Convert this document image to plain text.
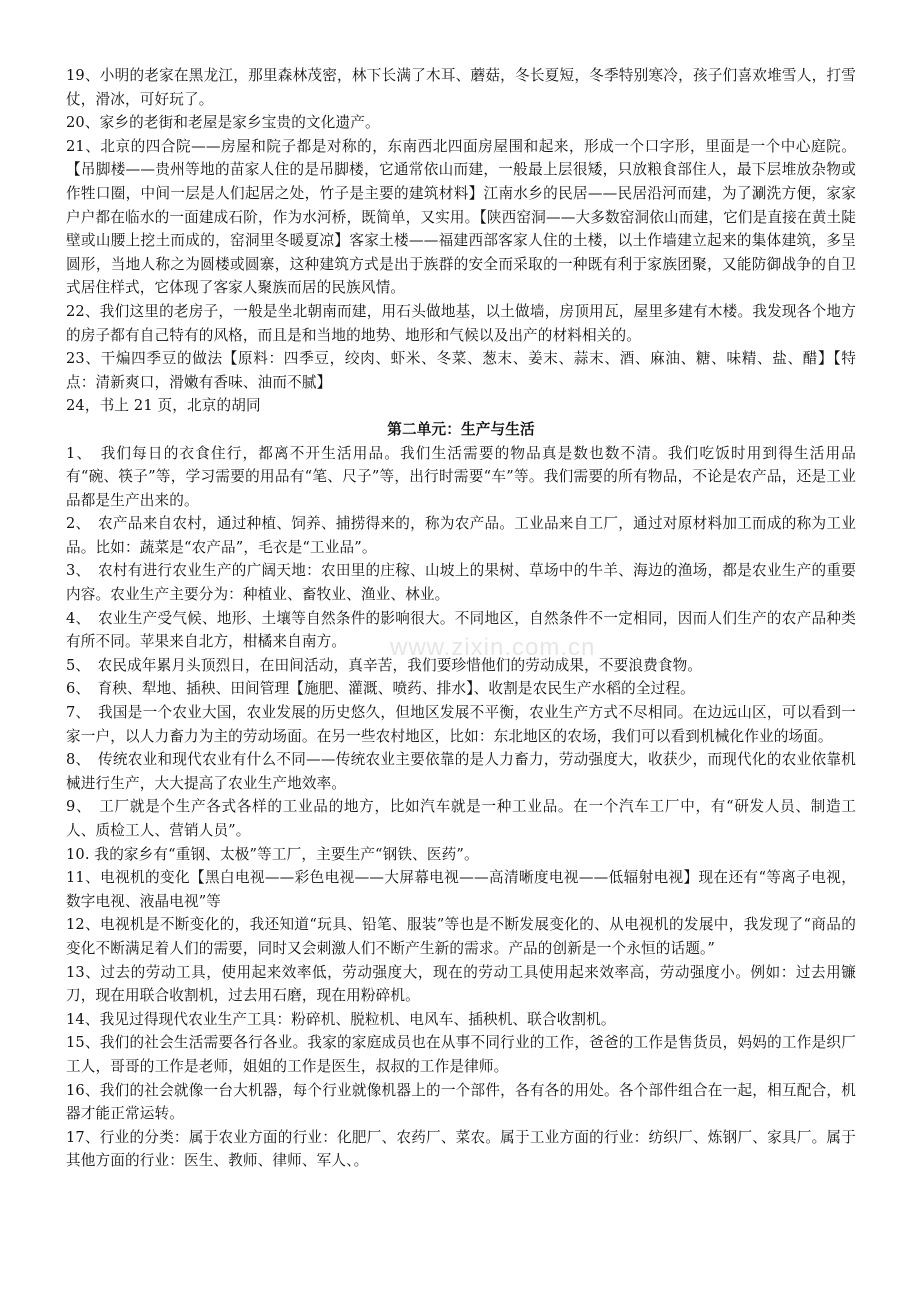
www.zixin.com.cn

19、小明的老家在黑龙江，那里森林茂密，林下长满了木耳、蘑菇，冬长夏短，冬季特别寒冷，孩子们喜欢堆雪人，打雪仗，滑冰，可好玩了。

20、家乡的老街和老屋是家乡宝贵的文化遗产。

21、北京的四合院——房屋和院子都是对称的，东南西北四面房屋围和起来，形成一个口字形，里面是一个中心庭院。【吊脚楼——贵州等地的苗家人住的是吊脚楼，它通常依山而建，一般最上层很矮，只放粮食部住人，最下层堆放杂物或作牲口圈，中间一层是人们起居之处，竹子是主要的建筑材料】江南水乡的民居——民居沿河而建，为了涮洗方便，家家户户都在临水的一面建成石阶，作为水河桥，既简单，又实用。【陕西窑洞——大多数窑洞依山而建，它们是直接在黄土陡壁或山腰上挖土而成的，窑洞里冬暖夏凉】客家土楼——福建西部客家人住的土楼，以土作墙建立起来的集体建筑，多呈圆形，当地人称之为圆楼或圆寨，这种建筑方式是出于族群的安全而采取的一种既有利于家族团聚，又能防御战争的自卫式居住样式，它体现了客家人聚族而居的民族风情。

22、我们这里的老房子，一般是坐北朝南而建，用石头做地基，以土做墙，房顶用瓦，屋里多建有木楼。我发现各个地方的房子都有自己特有的风格，而且是和当地的地势、地形和气候以及出产的材料相关的。

23、干煸四季豆的做法【原料：四季豆，绞肉、虾米、冬菜、葱末、姜末、蒜末、酒、麻油、糖、味精、盐、醋】【特点：清新爽口，滑嫩有香味、油而不腻】

24，书上 21 页，北京的胡同

第二单元：生产与生活

1、　我们每日的衣食住行，都离不开生活用品。我们生活需要的物品真是数也数不清。我们吃饭时用到得生活用品有“碗、筷子”等，学习需要的用品有“笔、尺子”等，出行时需要“车”等。我们需要的所有物品，不论是农产品，还是工业品都是生产出来的。

2、　农产品来自农村，通过种植、饲养、捕捞得来的，称为农产品。工业品来自工厂，通过对原材料加工而成的称为工业品。比如：蔬菜是“农产品”，毛衣是“工业品”。

3、　农村有进行农业生产的广阔天地：农田里的庄稼、山坡上的果树、草场中的牛羊、海边的渔场，都是农业生产的重要内容。农业生产主要分为：种植业、畜牧业、渔业、林业。

4、　农业生产受气候、地形、土壤等自然条件的影响很大。不同地区，自然条件不一定相同，因而人们生产的农产品种类有所不同。苹果来自北方，柑橘来自南方。

5、　农民成年累月头顶烈日，在田间活动，真辛苦，我们要珍惜他们的劳动成果，不要浪费食物。

6、　育秧、犁地、插秧、田间管理【施肥、灌溉、喷药、排水】、收割是农民生产水稻的全过程。

7、　我国是一个农业大国，农业发展的历史悠久，但地区发展不平衡，农业生产方式不尽相同。在边远山区，可以看到一家一户，以人力畜力为主的劳动场面。在另一些农村地区，比如：东北地区的农场，我们可以看到机械化作业的场面。

8、　传统农业和现代农业有什么不同——传统农业主要依靠的是人力畜力，劳动强度大，收获少，而现代化的农业依靠机械进行生产，大大提高了农业生产地效率。

9、　工厂就是个生产各式各样的工业品的地方，比如汽车就是一种工业品。在一个汽车工厂中，有“研发人员、制造工人、质检工人、营销人员”。

10. 我的家乡有“重钢、太极”等工厂，主要生产“钢铁、医药”。

11、电视机的变化【黑白电视——彩色电视——大屏幕电视——高清晰度电视——低辐射电视】现在还有“等离子电视，数字电视、液晶电视”等

12、电视机是不断变化的，我还知道“玩具、铅笔、服装”等也是不断发展变化的、从电视机的发展中，我发现了“商品的变化不断满足着人们的需要，同时又会刺激人们不断产生新的需求。产品的创新是一个永恒的话题。”

13、过去的劳动工具，使用起来效率低，劳动强度大，现在的劳动工具使用起来效率高，劳动强度小。例如：过去用镰刀，现在用联合收割机，过去用石磨，现在用粉碎机。

14、我见过得现代农业生产工具：粉碎机、脱粒机、电风车、插秧机、联合收割机。

15、我们的社会生活需要各行各业。我家的家庭成员也在从事不同行业的工作，爸爸的工作是售货员，妈妈的工作是织厂工人，哥哥的工作是老师，姐姐的工作是医生，叔叔的工作是律师。

16、我们的社会就像一台大机器，每个行业就像机器上的一个部件，各有各的用处。各个部件组合在一起，相互配合，机器才能正常运转。

17、行业的分类：属于农业方面的行业：化肥厂、农药厂、菜农。属于工业方面的行业：纺织厂、炼钢厂、家具厂。属于其他方面的行业：医生、教师、律师、军人、。
